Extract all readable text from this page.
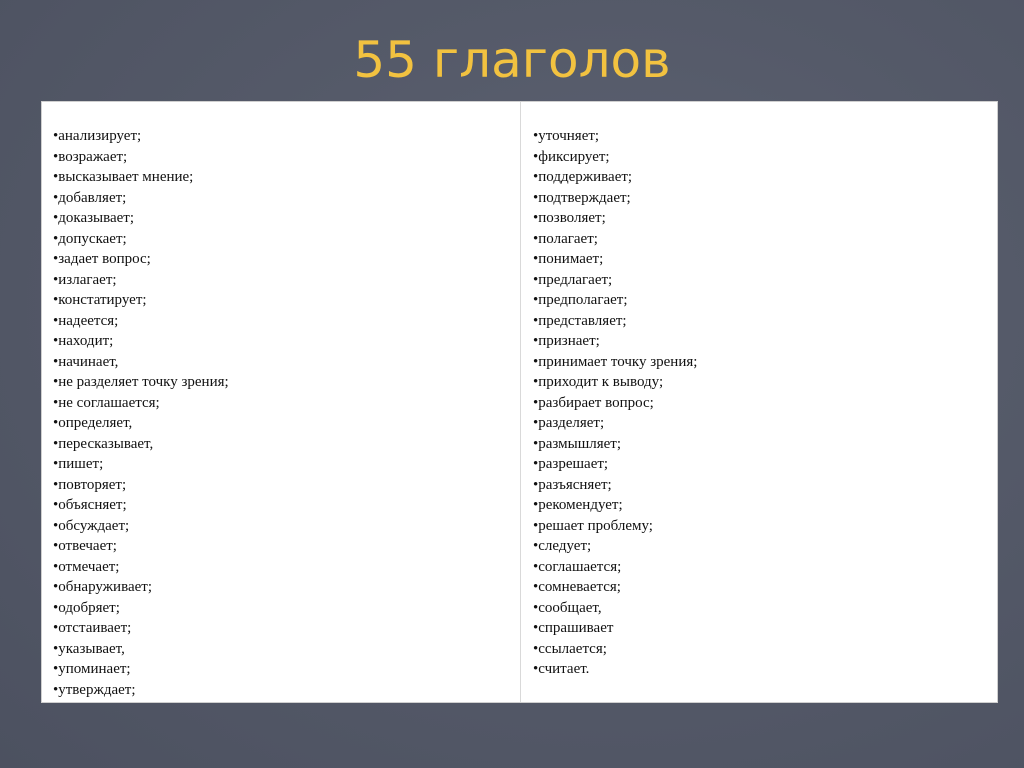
55 глаголов
•анализирует;
•возражает;
•высказывает мнение;
•добавляет;
•доказывает;
•допускает;
•задает вопрос;
•излагает;
•констатирует;
•надеется;
•находит;
•начинает,
•не разделяет точку зрения;
•не соглашается;
•определяет,
•пересказывает,
•пишет;
•повторяет;
•объясняет;
•обсуждает;
•отвечает;
•отмечает;
•обнаруживает;
•одобряет;
•отстаивает;
•указывает,
•упоминает;
•утверждает;
•уточняет;
•фиксирует;
•поддерживает;
•подтверждает;
•позволяет;
•полагает;
•понимает;
•предлагает;
•предполагает;
•представляет;
•признает;
•принимает точку зрения;
•приходит к выводу;
•разбирает вопрос;
•разделяет;
•размышляет;
•разрешает;
•разъясняет;
•рекомендует;
•решает проблему;
•следует;
•соглашается;
•сомневается;
•сообщает,
•спрашивает
•ссылается;
•считает.
